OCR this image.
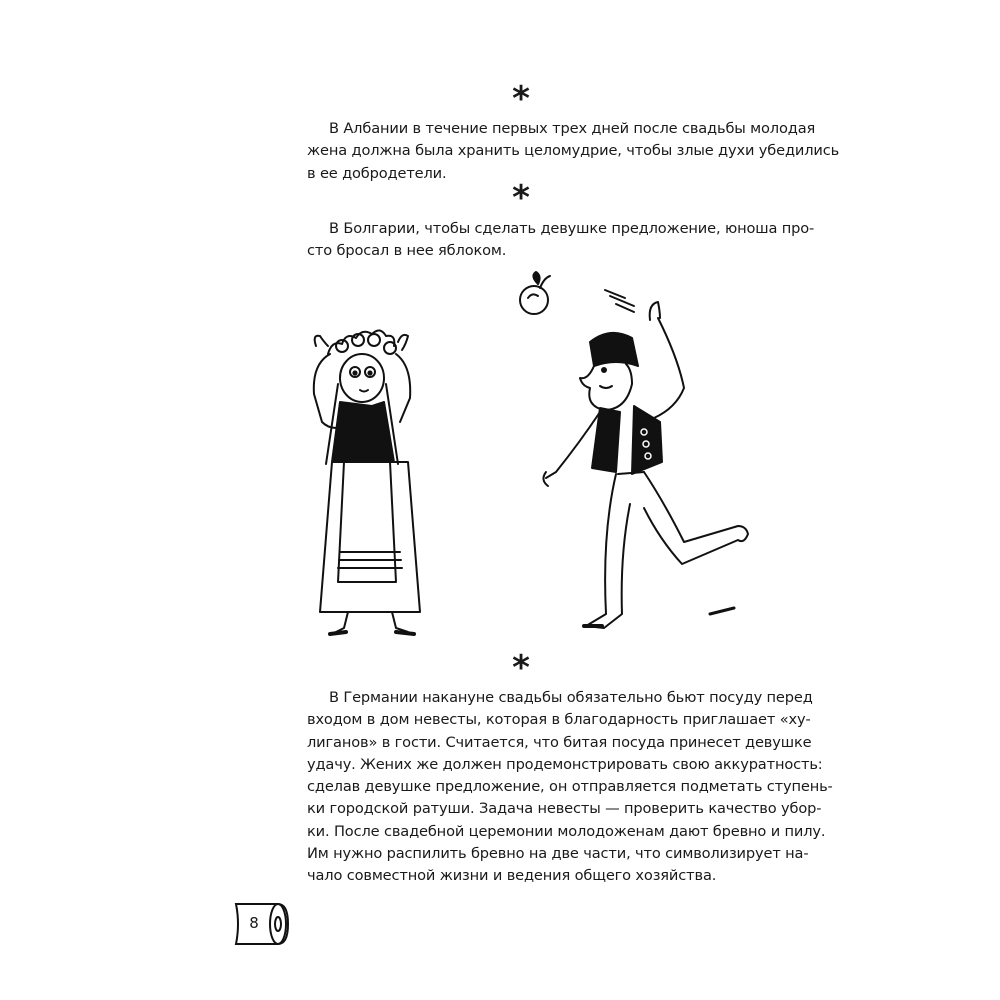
*
В Албании в течение первых трех дней после свадьбы молодая
жена должна была хранить целомудрие, чтобы злые духи убедились
в ее добродетели.
*
В Болгарии, чтобы сделать девушке предложение, юноша про-
сто бросал в нее яблоком.
*
В Германии накануне свадьбы обязательно бьют посуду перед
входом в дом невесты, которая в благодарность приглашает «ху-
лиганов» в гости. Считается, что битая посуда принесет девушке
удачу. Жених же должен продемонстрировать свою аккуратность:
сделав девушке предложение, он отправляется подметать ступень-
ки городской ратуши. Задача невесты — проверить качество убор-
ки. После свадебной церемонии молодоженам дают бревно и пилу.
Им нужно распилить бревно на две части, что символизирует на-
чало совместной жизни и ведения общего хозяйства.
8
